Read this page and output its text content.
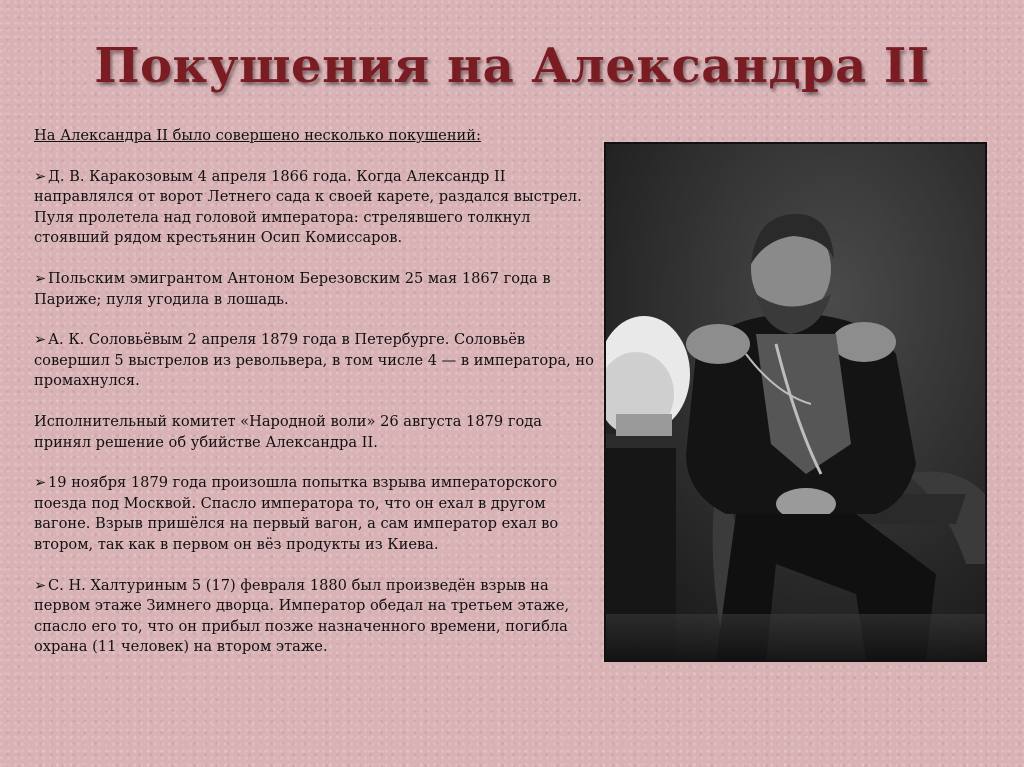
Покушения на Александра II

На Александра II было совершено несколько покушений:

➢ Д. В. Каракозовым 4 апреля 1866 года. Когда Александр II направлялся от ворот Летнего сада к своей карете, раздался выстрел. Пуля пролетела над головой императора: стрелявшего толкнул стоявший рядом крестьянин Осип Комиссаров.

➢ Польским эмигрантом Антоном Березовским 25 мая 1867 года в Париже; пуля угодила в лошадь.

➢ А. К. Соловьёвым 2 апреля 1879 года в Петербурге. Соловьёв совершил 5 выстрелов из револьвера, в том числе 4 — в императора, но промахнулся.

Исполнительный комитет «Народной воли» 26 августа 1879 года принял решение об убийстве Александра II.

➢ 19 ноября 1879 года произошла попытка взрыва императорского поезда под Москвой. Спасло императора то, что он ехал в другом вагоне. Взрыв пришёлся на первый вагон, а сам император ехал во втором, так как в первом он вёз продукты из Киева.

➢ С. Н. Халтуриным 5 (17) февраля 1880 был произведён взрыв на первом этаже Зимнего дворца. Император обедал на третьем этаже, спасло его то, что он прибыл позже назначенного времени, погибла охрана (11 человек) на втором этаже.
